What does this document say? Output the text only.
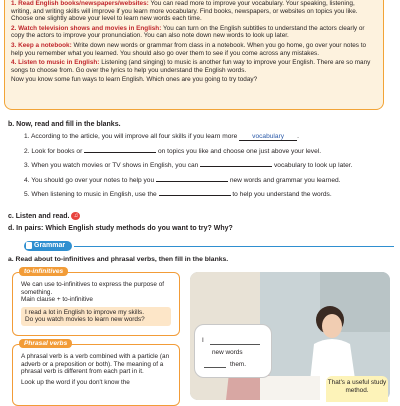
1. Read English books/newspapers/websites: You can read more to improve your vocabulary. Your speaking, listening, writing, and writing skills will improve if you learn more vocabulary. Find books, newspapers, or websites on topics you like. Choose one slightly above your level to learn new words each time.
2. Watch television shows and movies in English: You can turn on the English subtitles to understand the actors clearly or copy the actors to improve your pronunciation. You can also note down new words to look up later.
3. Keep a notebook: Write down new words or grammar from class in a notebook. When you go home, go over your notes to help you remember what you learned. You should also go over them to see if you come across any mistakes.
4. Listen to music in English: Listening (and singing) to music is another fun way to improve your English. There are so many songs to choose from. Go over the lyrics to help you understand the English words.
Now you know some fun ways to learn English. Which ones are you going to try today?
b. Now, read and fill in the blanks.
1. According to the article, you will improve all four skills if you learn more vocabulary .
2. Look for books or	on topics you like and choose one just above your level.
3. When you watch movies or TV shows in English, you can	vocabulary to look up later.
4. You should go over your notes to help you	new words and grammar you learned.
5. When listening to music in English, use the	to help you understand the words.
c. Listen and read. ♫
d. In pairs: Which English study methods do you want to try? Why?
Grammar
a. Read about to-infinitives and phrasal verbs, then fill in the blanks.
to-infinitives
We can use to-infinitives to express the purpose of something.
Main clause + to-infinitive
I read a lot in English to improve my skills.
Do you watch movies to learn new words?
Phrasal verbs
A phrasal verb is a verb combined with a particle (an adverb or a preposition or both). The meaning of a phrasal verb is different from each part in it.
Look up the word if you don't know the
I
new words
them.
That's a useful study method.
